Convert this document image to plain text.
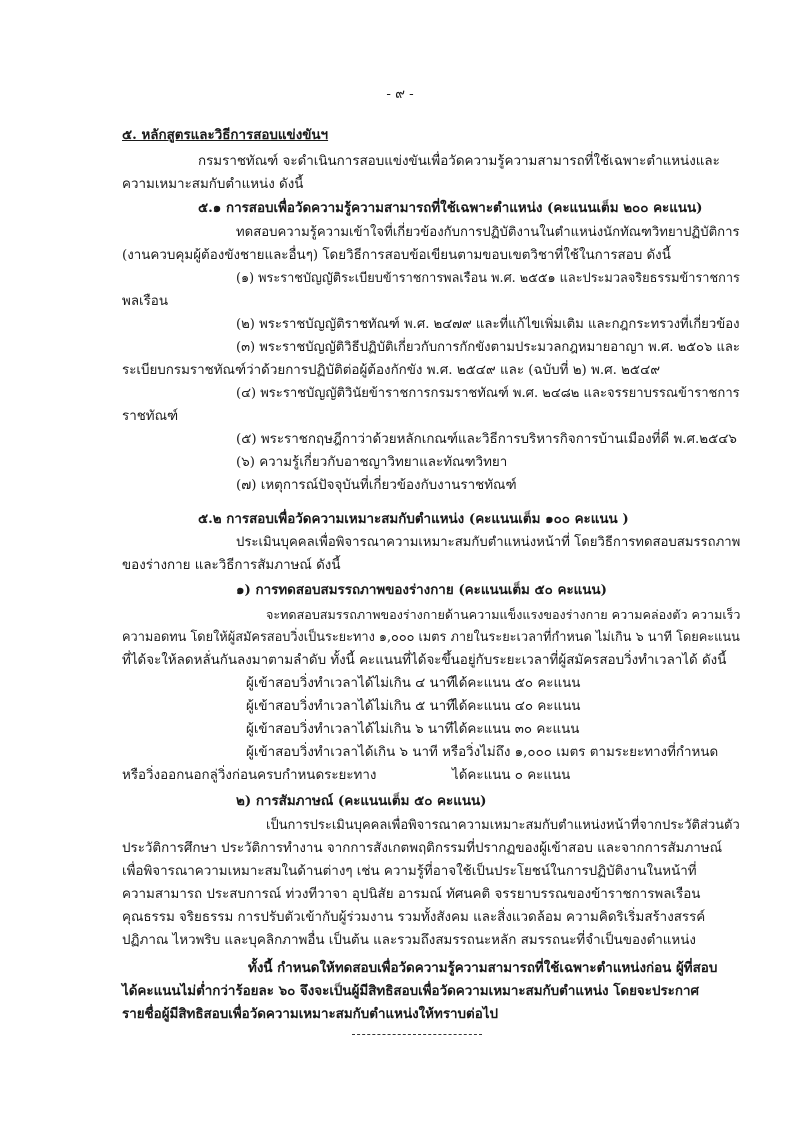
- ๙ -
๕. หลักสูตรและวิธีการสอบแข่งขันฯ
กรมราชทัณฑ์ จะดำเนินการสอบแข่งขันเพื่อวัดความรู้ความสามารถที่ใช้เฉพาะตำแหน่งและ
ความเหมาะสมกับตำแหน่ง ดังนี้
๕.๑ การสอบเพื่อวัดความรู้ความสามารถที่ใช้เฉพาะตำแหน่ง (คะแนนเต็ม ๒๐๐ คะแนน)
ทดสอบความรู้ความเข้าใจที่เกี่ยวข้องกับการปฏิบัติงานในตำแหน่งนักทัณฑวิทยาปฏิบัติการ
(งานควบคุมผู้ต้องขังชายและอื่นๆ) โดยวิธีการสอบข้อเขียนตามขอบเขตวิชาที่ใช้ในการสอบ ดังนี้
(๑) พระราชบัญญัติระเบียบข้าราชการพลเรือน พ.ศ. ๒๕๕๑ และประมวลจริยธรรมข้าราชการ
พลเรือน
(๒) พระราชบัญญัติราชทัณฑ์ พ.ศ. ๒๔๗๙ และที่แก้ไขเพิ่มเติม และกฎกระทรวงที่เกี่ยวข้อง
(๓) พระราชบัญญัติวิธีปฏิบัติเกี่ยวกับการกักขังตามประมวลกฎหมายอาญา พ.ศ. ๒๕๐๖ และ
ระเบียบกรมราชทัณฑ์ว่าด้วยการปฏิบัติต่อผู้ต้องกักขัง พ.ศ. ๒๕๔๙ และ (ฉบับที่ ๒) พ.ศ. ๒๕๔๙
(๔) พระราชบัญญัติวินัยข้าราชการกรมราชทัณฑ์ พ.ศ. ๒๔๘๒ และจรรยาบรรณข้าราชการ
ราชทัณฑ์
(๕) พระราชกฤษฎีกาว่าด้วยหลักเกณฑ์และวิธีการบริหารกิจการบ้านเมืองที่ดี พ.ศ.๒๕๔๖
(๖) ความรู้เกี่ยวกับอาชญาวิทยาและทัณฑวิทยา
(๗) เหตุการณ์ปัจจุบันที่เกี่ยวข้องกับงานราชทัณฑ์
๕.๒ การสอบเพื่อวัดความเหมาะสมกับตำแหน่ง (คะแนนเต็ม ๑๐๐ คะแนน )
ประเมินบุคคลเพื่อพิจารณาความเหมาะสมกับตำแหน่งหน้าที่ โดยวิธีการทดสอบสมรรถภาพ
ของร่างกาย และวิธีการสัมภาษณ์ ดังนี้
๑) การทดสอบสมรรถภาพของร่างกาย (คะแนนเต็ม ๕๐ คะแนน)
จะทดสอบสมรรถภาพของร่างกายด้านความแข็งแรงของร่างกาย ความคล่องตัว ความเร็ว
ความอดทน โดยให้ผู้สมัครสอบวิ่งเป็นระยะทาง ๑,๐๐๐ เมตร ภายในระยะเวลาที่กำหนด ไม่เกิน ๖ นาที โดยคะแนน
ที่ได้จะให้ลดหลั่นกันลงมาตามลำดับ ทั้งนี้ คะแนนที่ได้จะขึ้นอยู่กับระยะเวลาที่ผู้สมัครสอบวิ่งทำเวลาได้ ดังนี้
ผู้เข้าสอบวิ่งทำเวลาได้ไม่เกิน ๔ นาที
ได้คะแนน ๕๐ คะแนน
ผู้เข้าสอบวิ่งทำเวลาได้ไม่เกิน ๕ นาที
ได้คะแนน ๔๐ คะแนน
ผู้เข้าสอบวิ่งทำเวลาได้ไม่เกิน ๖ นาที
ได้คะแนน ๓๐ คะแนน
ผู้เข้าสอบวิ่งทำเวลาได้เกิน ๖ นาที หรือวิ่งไม่ถึง ๑,๐๐๐ เมตร ตามระยะทางที่กำหนด
หรือวิ่งออกนอกลู่วิ่งก่อนครบกำหนดระยะทาง	ได้คะแนน ๐ คะแนน
๒) การสัมภาษณ์ (คะแนนเต็ม ๕๐ คะแนน)
เป็นการประเมินบุคคลเพื่อพิจารณาความเหมาะสมกับตำแหน่งหน้าที่จากประวัติส่วนตัว
ประวัติการศึกษา ประวัติการทำงาน จากการสังเกตพฤติกรรมที่ปรากฏของผู้เข้าสอบ และจากการสัมภาษณ์
เพื่อพิจารณาความเหมาะสมในด้านต่างๆ เช่น ความรู้ที่อาจใช้เป็นประโยชน์ในการปฏิบัติงานในหน้าที่
ความสามารถ ประสบการณ์ ท่วงทีวาจา อุปนิสัย อารมณ์ ทัศนคติ จรรยาบรรณของข้าราชการพลเรือน
คุณธรรม จริยธรรม การปรับตัวเข้ากับผู้ร่วมงาน รวมทั้งสังคม และสิ่งแวดล้อม ความคิดริเริ่มสร้างสรรค์
ปฏิภาณ ไหวพริบ และบุคลิกภาพอื่น เป็นต้น และรวมถึงสมรรถนะหลัก สมรรถนะที่จำเป็นของตำแหน่ง
ทั้งนี้ กำหนดให้ทดสอบเพื่อวัดความรู้ความสามารถที่ใช้เฉพาะตำแหน่งก่อน ผู้ที่สอบ
ได้คะแนนไม่ต่ำกว่าร้อยละ ๖๐ จึงจะเป็นผู้มีสิทธิสอบเพื่อวัดความเหมาะสมกับตำแหน่ง โดยจะประกาศ
รายชื่อผู้มีสิทธิสอบเพื่อวัดความเหมาะสมกับตำแหน่งให้ทราบต่อไป
